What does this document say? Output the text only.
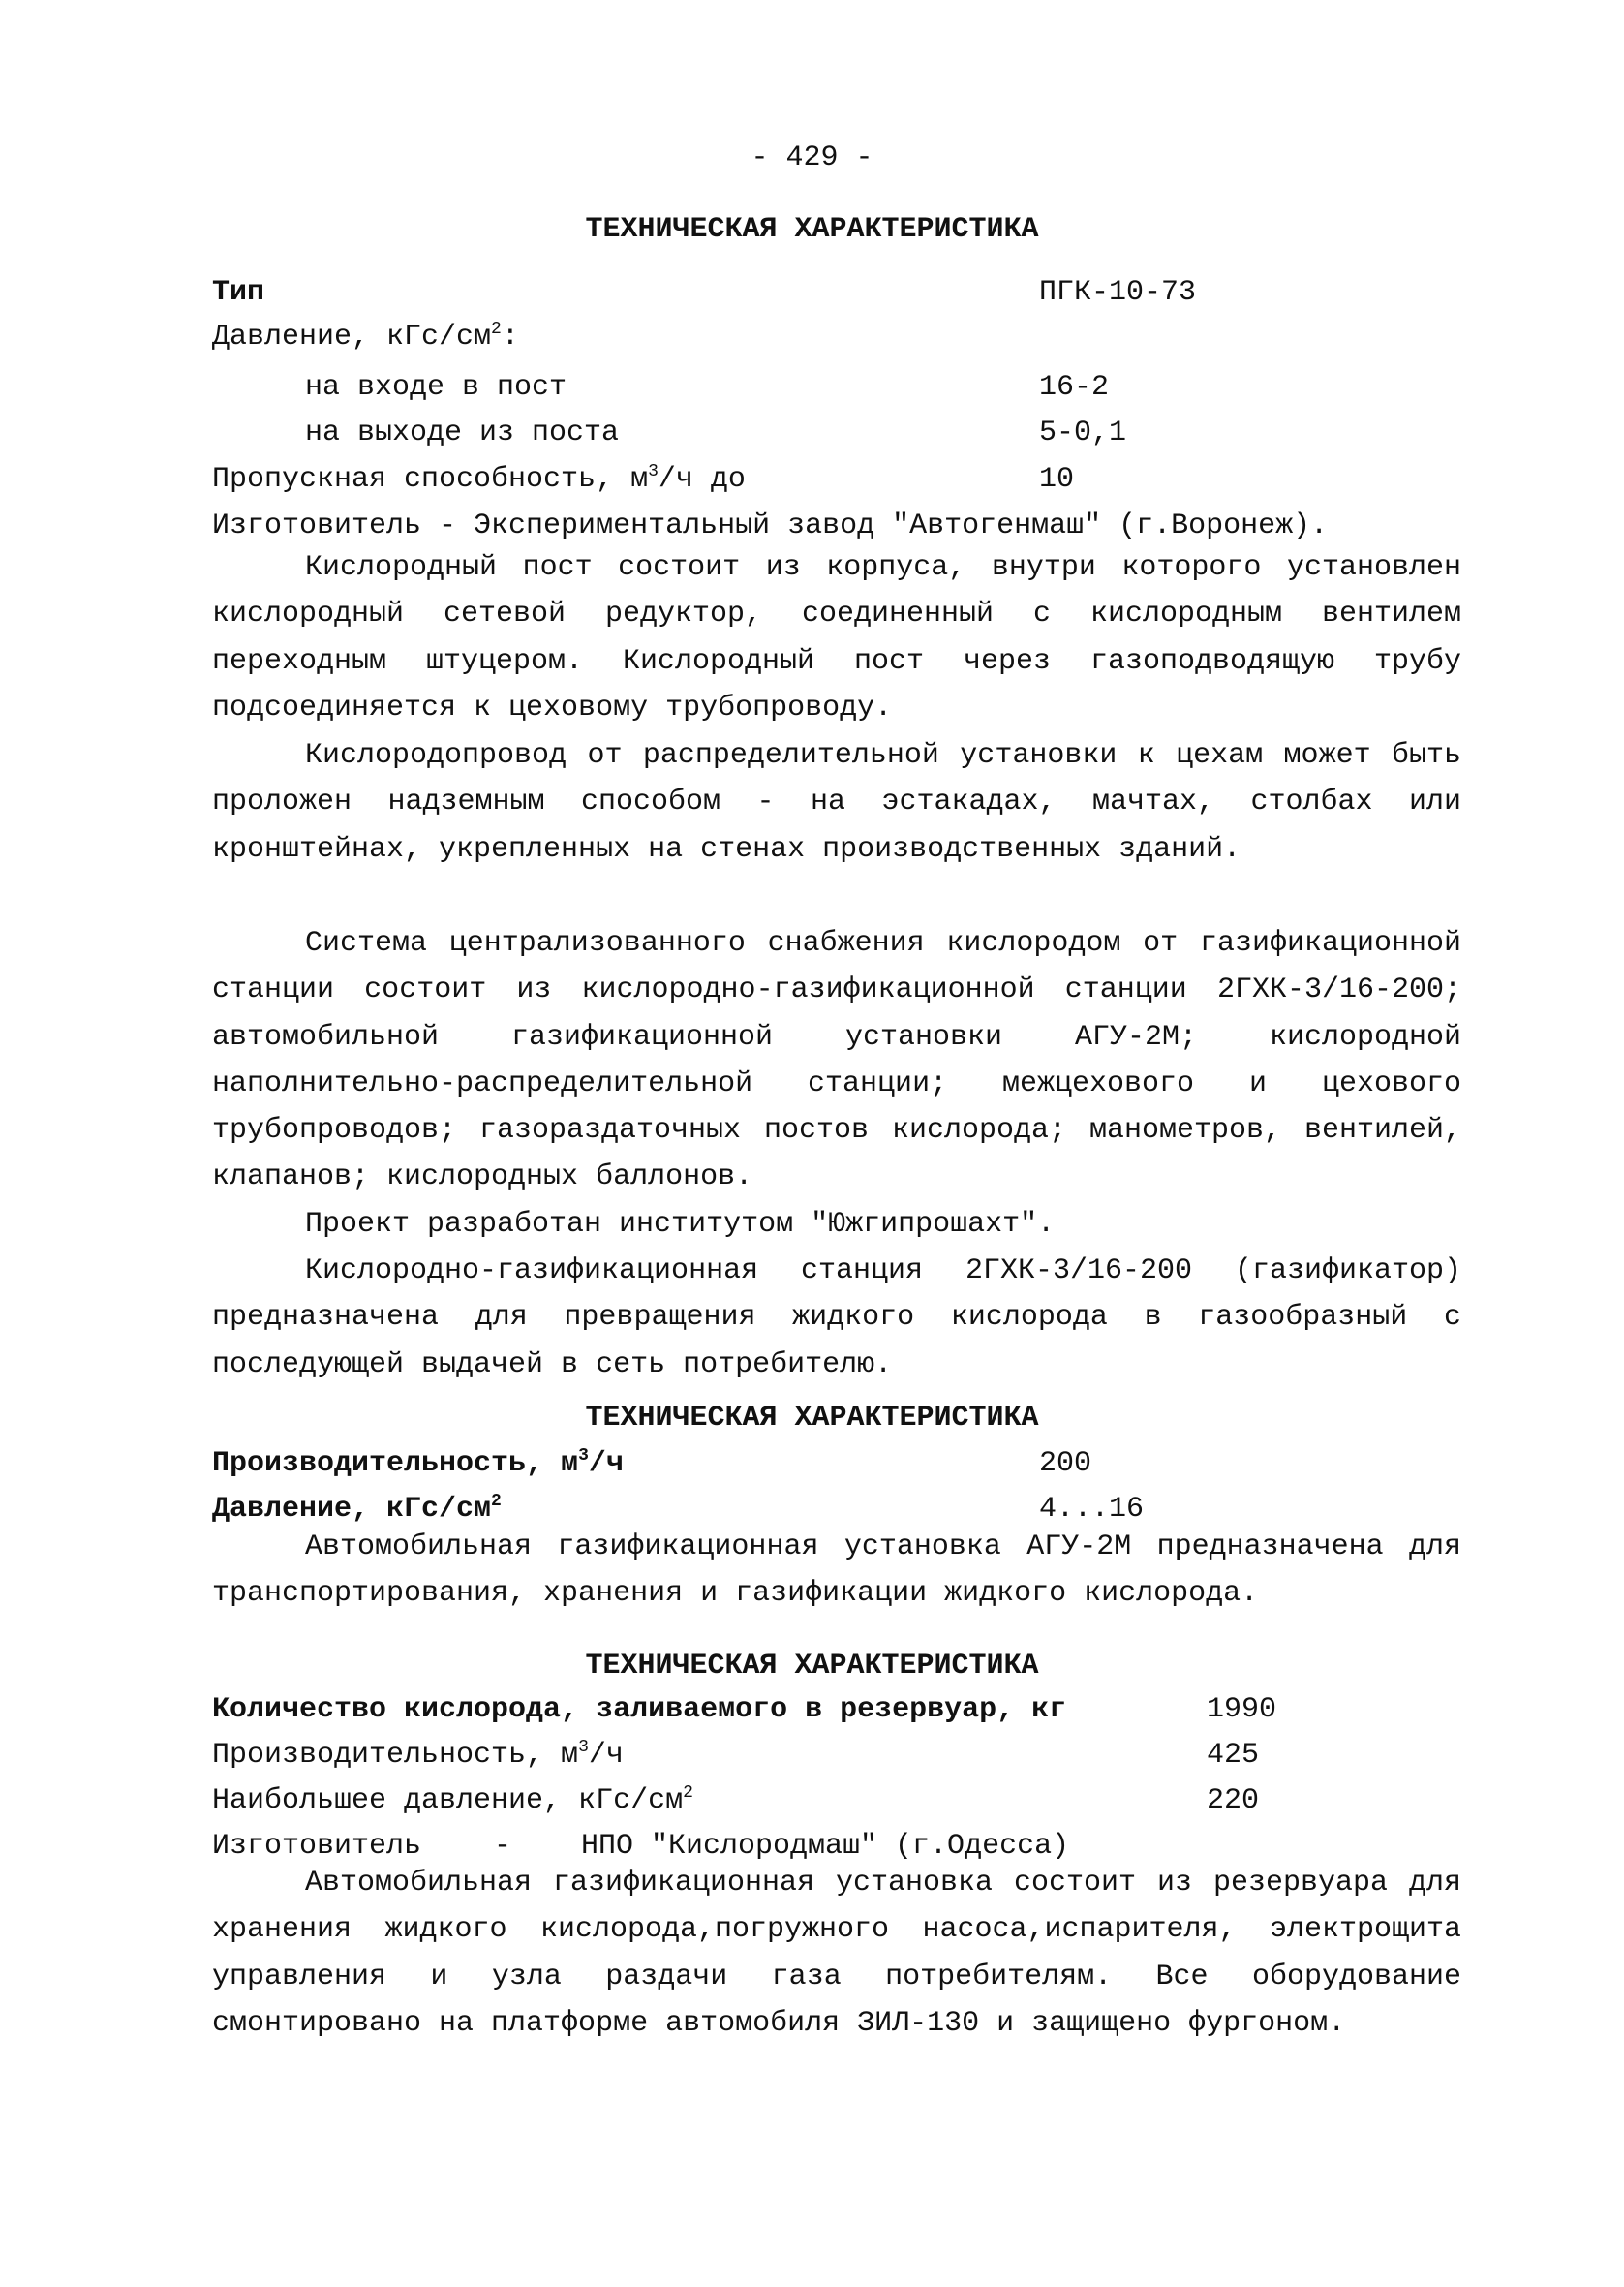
- 429 -
ТЕХНИЧЕСКАЯ ХАРАКТЕРИСТИКА
Тип	ПГК-10-73
Давление, кГс/$см^2$:
на входе в пост	16-2
на выходе из поста	5-0,1
Пропускная способность, $м^3/ч$ до	10
Изготовитель - Экспериментальный завод "Автогенмаш" (г.Воронеж).
Кислородный пост состоит из корпуса, внутри которого установлен кислородный сетевой редуктор, соединенный с кислородным вентилем переходным штуцером. Кислородный пост через газоподводящую трубу подсоединяется к цеховому трубопроводу.
Кислородопровод от распределительной установки к цехам может быть проложен надземным способом - на эстакадах, мачтах, столбах или кронштейнах, укрепленных на стенах производственных зданий.
Система централизованного снабжения кислородом от газификационной станции состоит из кислородно-газификационной станции 2ГХК-3/16-200; автомобильной газификационной установки АГУ-2М; кислородной наполнительно-распределительной станции; межцехового и цехового трубопроводов; газораздаточных постов кислорода; манометров, вентилей, клапанов; кислородных баллонов.
Проект разработан институтом "Южгипрошахт".
Кислородно-газификационная станция 2ГХК-3/16-200 (газификатор) предназначена для превращения жидкого кислорода в газообразный с последующей выдачей в сеть потребителю.
ТЕХНИЧЕСКАЯ ХАРАКТЕРИСТИКА
Производительность, $м^3/ч$	200
Давление, кГс/$см^2$	4...16
Автомобильная газификационная установка АГУ-2М предназначена для транспортирования, хранения и газификации жидкого кислорода.
ТЕХНИЧЕСКАЯ ХАРАКТЕРИСТИКА
Количество кислорода, заливаемого в резервуар, кг	1990
Производительность, $м^3/ч$	425
Наибольшее давление, кГс/$см^2$	220
Изготовитель - НПО "Кислородмаш" (г.Одесса)
Автомобильная газификационная установка состоит из резервуара для хранения жидкого кислорода,погружного насоса,испарителя, электрощита управления и узла раздачи газа потребителям. Все оборудование смонтировано на платформе автомобиля ЗИЛ-130 и защищено фургоном.
